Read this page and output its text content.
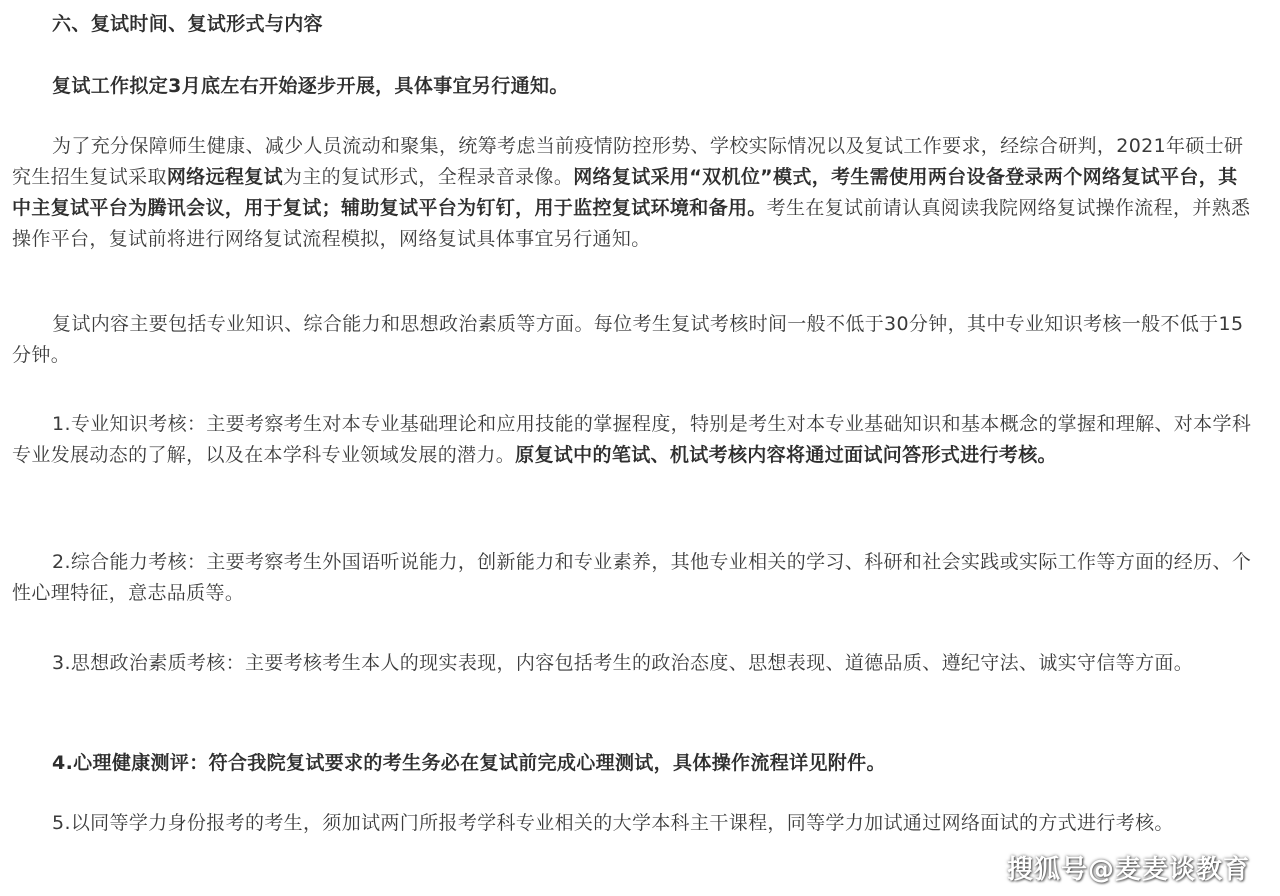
六、复试时间、复试形式与内容

复试工作拟定3月底左右开始逐步开展，具体事宜另行通知。

为了充分保障师生健康、减少人员流动和聚集，统筹考虑当前疫情防控形势、学校实际情况以及复试工作要求，经综合研判，2021年硕士研究生招生复试采取网络远程复试为主的复试形式，全程录音录像。网络复试采用“双机位”模式，考生需使用两台设备登录两个网络复试平台，其中主复试平台为腾讯会议，用于复试；辅助复试平台为钉钉，用于监控复试环境和备用。考生在复试前请认真阅读我院网络复试操作流程，并熟悉操作平台，复试前将进行网络复试流程模拟，网络复试具体事宜另行通知。

复试内容主要包括专业知识、综合能力和思想政治素质等方面。每位考生复试考核时间一般不低于30分钟，其中专业知识考核一般不低于15分钟。

1.专业知识考核：主要考察考生对本专业基础理论和应用技能的掌握程度，特别是考生对本专业基础知识和基本概念的掌握和理解、对本学科专业发展动态的了解，以及在本学科专业领域发展的潜力。原复试中的笔试、机试考核内容将通过面试问答形式进行考核。

2.综合能力考核：主要考察考生外国语听说能力，创新能力和专业素养，其他专业相关的学习、科研和社会实践或实际工作等方面的经历、个性心理特征，意志品质等。

3.思想政治素质考核：主要考核考生本人的现实表现，内容包括考生的政治态度、思想表现、道德品质、遵纪守法、诚实守信等方面。

4.心理健康测评：符合我院复试要求的考生务必在复试前完成心理测试，具体操作流程详见附件。

5.以同等学力身份报考的考生，须加试两门所报考学科专业相关的大学本科主干课程，同等学力加试通过网络面试的方式进行考核。

搜狐号@麦麦谈教育
